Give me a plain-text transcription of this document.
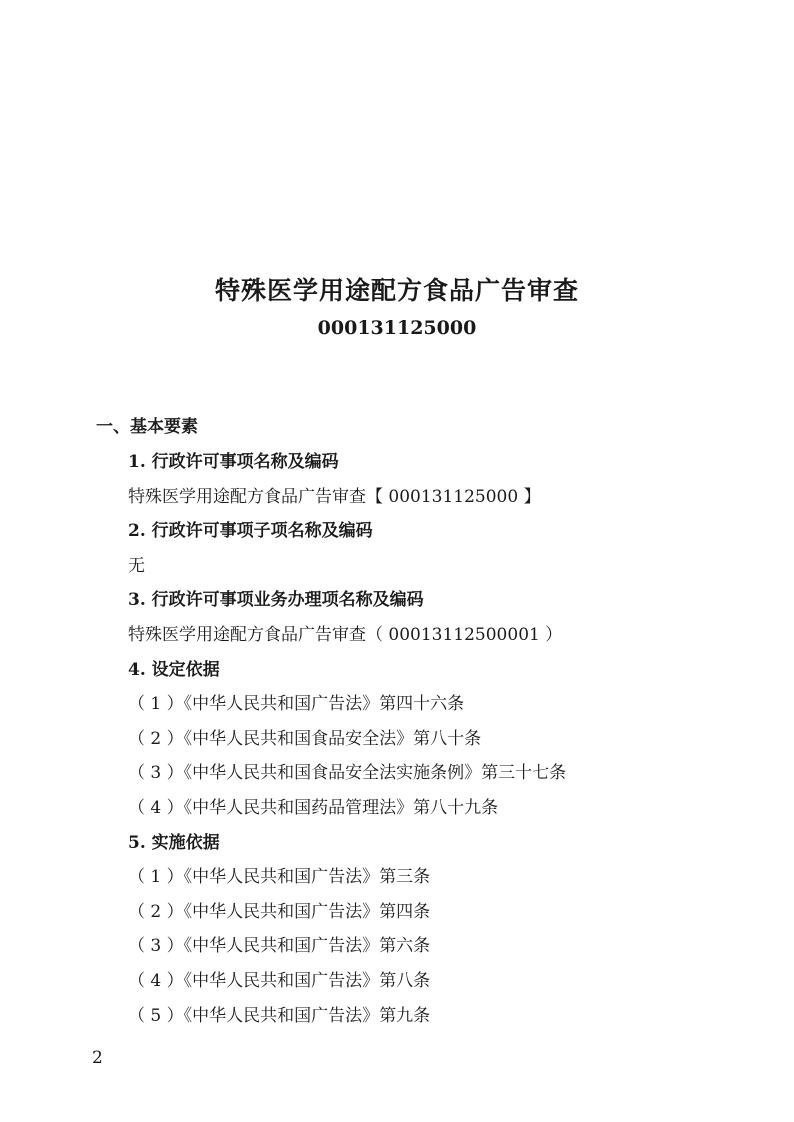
特殊医学用途配方食品广告审查
000131125000
一、基本要素
1. 行政许可事项名称及编码
特殊医学用途配方食品广告审查【 000131125000 】
2. 行政许可事项子项名称及编码
无
3. 行政许可事项业务办理项名称及编码
特殊医学用途配方食品广告审查（ 00013112500001 ）
4. 设定依据
（ 1 ）《中华人民共和国广告法》第四十六条
（ 2 ）《中华人民共和国食品安全法》第八十条
（ 3 ）《中华人民共和国食品安全法实施条例》第三十七条
（ 4 ）《中华人民共和国药品管理法》第八十九条
5. 实施依据
（ 1 ）《中华人民共和国广告法》第三条
（ 2 ）《中华人民共和国广告法》第四条
（ 3 ）《中华人民共和国广告法》第六条
（ 4 ）《中华人民共和国广告法》第八条
（ 5 ）《中华人民共和国广告法》第九条
2
